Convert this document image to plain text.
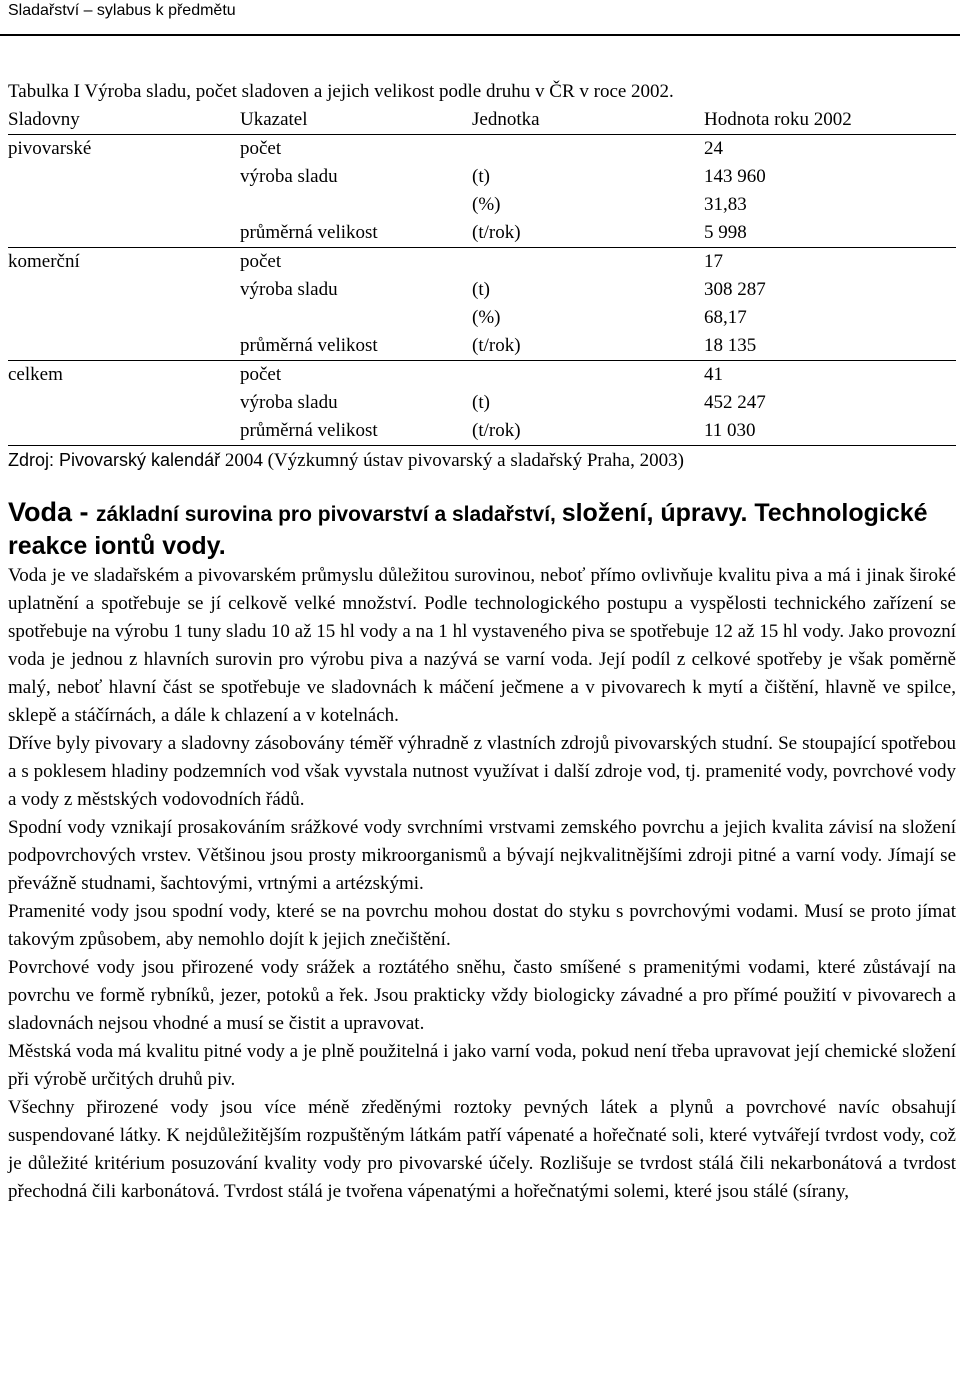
Sladařství – sylabus k předmětu
Tabulka I Výroba sladu, počet sladoven a jejich velikost podle druhu v ČR v roce 2002.
Sladovny	Ukazatel	Jednotka	Hodnota roku 2002
pivovarské	počet		24
	výroba sladu	(t)	143 960
		(%)	31,83
	průměrná velikost	(t/rok)	5 998
komerční	počet		17
	výroba sladu	(t)	308 287
		(%)	68,17
	průměrná velikost	(t/rok)	18 135
celkem	počet		41
	výroba sladu	(t)	452 247
	průměrná velikost	(t/rok)	11 030
Zdroj: Pivovarský kalendář 2004 (Výzkumný ústav pivovarský a sladařský Praha, 2003)
Voda - základní surovina pro pivovarství a sladařství, složení, úpravy. Technologické reakce iontů vody.

Voda je ve sladařském a pivovarském průmyslu důležitou surovinou, neboť přímo ovlivňuje kvalitu piva a má i jinak široké uplatnění a spotřebuje se jí celkově velké množství. Podle technologického postupu a vyspělosti technického zařízení se spotřebuje na výrobu 1 tuny sladu 10 až 15 hl vody a na 1 hl vystaveného piva se spotřebuje 12 až 15 hl vody. Jako provozní voda je jednou z hlavních surovin pro výrobu piva a nazývá se varní voda. Její podíl z celkové spotřeby je však poměrně malý, neboť hlavní část se spotřebuje ve sladovnách k máčení ječmene a v pivovarech k mytí a čištění, hlavně ve spilce, sklepě a stáčírnách, a dále k chlazení a v kotelnách.

Dříve byly pivovary a sladovny zásobovány téměř výhradně z vlastních zdrojů pivovarských studní. Se stoupající spotřebou a s poklesem hladiny podzemních vod však vyvstala nutnost využívat i další zdroje vod, tj. pramenité vody, povrchové vody a vody z městských vodovodních řádů.

Spodní vody vznikají prosakováním srážkové vody svrchními vrstvami zemského povrchu a jejich kvalita závisí na složení podpovrchových vrstev. Většinou jsou prosty mikroorganismů a bývají nejkvalitnějšími zdroji pitné a varní vody. Jímají se převážně studnami, šachtovými, vrtnými a artézskými.

Pramenité vody jsou spodní vody, které se na povrchu mohou dostat do styku s povrchovými vodami. Musí se proto jímat takovým způsobem, aby nemohlo dojít k jejich znečištění.

Povrchové vody jsou přirozené vody srážek a roztátého sněhu, často smíšené s pramenitými vodami, které zůstávají na povrchu ve formě rybníků, jezer, potoků a řek. Jsou prakticky vždy biologicky závadné a pro přímé použití v pivovarech a sladovnách nejsou vhodné a musí se čistit a upravovat.

Městská voda má kvalitu pitné vody a je plně použitelná i jako varní voda, pokud není třeba upravovat její chemické složení při výrobě určitých druhů piv.

Všechny přirozené vody jsou více méně zředěnými roztoky pevných látek a plynů a povrchové navíc obsahují suspendované látky. K nejdůležitějším rozpuštěným látkám patří vápenaté a hořečnaté soli, které vytvářejí tvrdost vody, což je důležité kritérium posuzování kvality vody pro pivovarské účely. Rozlišuje se tvrdost stálá čili nekarbonátová a tvrdost přechodná čili karbonátová. Tvrdost stálá je tvořena vápenatými a hořečnatými solemi, které jsou stálé (sírany,
